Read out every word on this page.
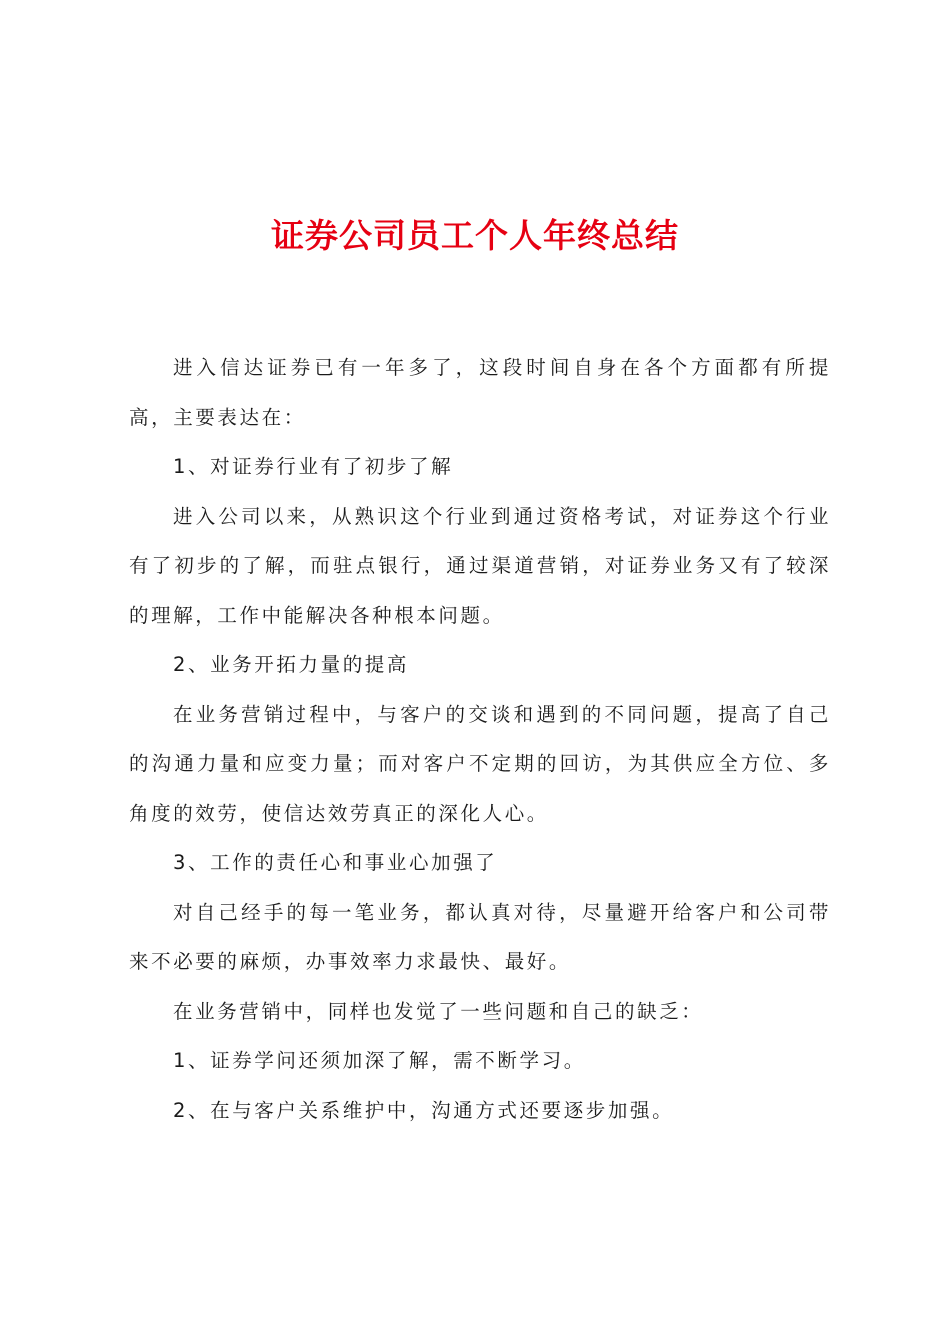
证券公司员工个人年终总结

进入信达证券已有一年多了，这段时间自身在各个方面都有所提高，主要表达在：

1、对证券行业有了初步了解

进入公司以来，从熟识这个行业到通过资格考试，对证券这个行业有了初步的了解，而驻点银行，通过渠道营销，对证券业务又有了较深的理解，工作中能解决各种根本问题。

2、业务开拓力量的提高

在业务营销过程中，与客户的交谈和遇到的不同问题，提高了自己的沟通力量和应变力量；而对客户不定期的回访，为其供应全方位、多角度的效劳，使信达效劳真正的深化人心。

3、工作的责任心和事业心加强了

对自己经手的每一笔业务，都认真对待，尽量避开给客户和公司带来不必要的麻烦，办事效率力求最快、最好。

在业务营销中，同样也发觉了一些问题和自己的缺乏：

1、证券学问还须加深了解，需不断学习。

2、在与客户关系维护中，沟通方式还要逐步加强。
